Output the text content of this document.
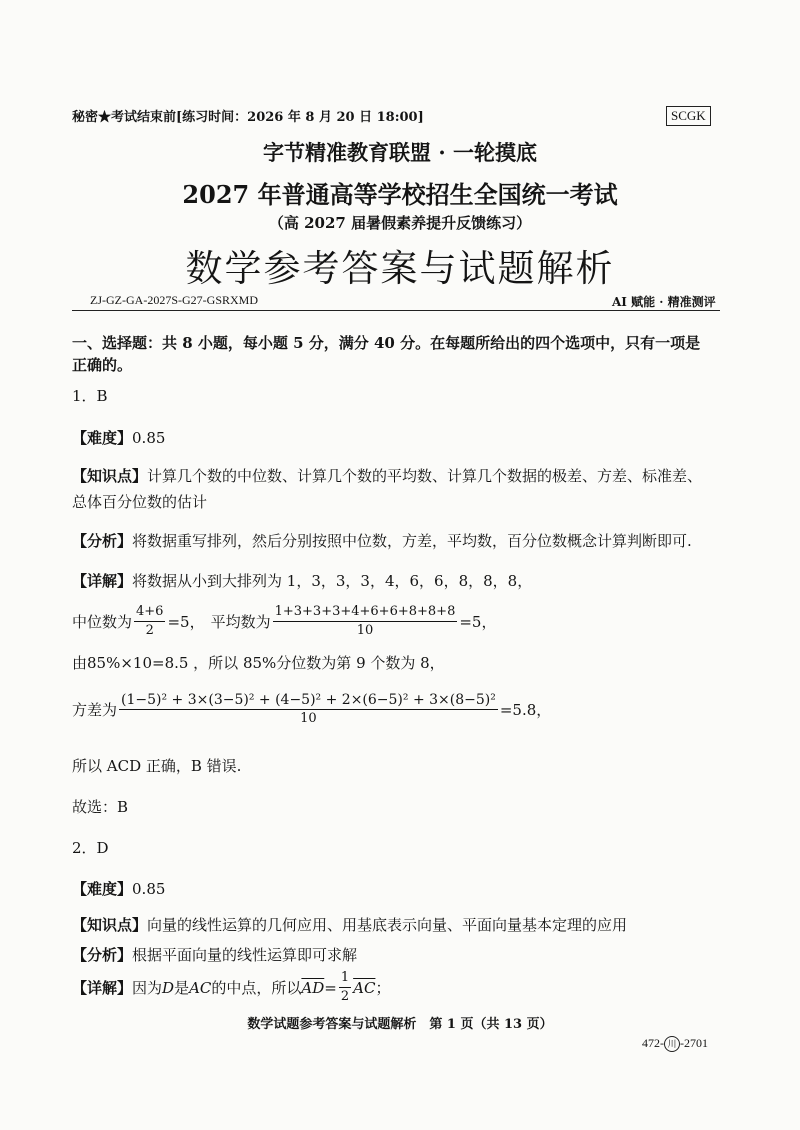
秘密★考试结束前[练习时间：2026 年 8 月 20 日 18:00]	SCGK
字节精准教育联盟 · 一轮摸底
2027 年普通高等学校招生全国统一考试
（高 2027 届暑假素养提升反馈练习）
数学参考答案与试题解析
ZJ-GZ-GA-2027S-G27-GSRXMD	AI 赋能 · 精准测评
一、选择题：共 8 小题，每小题 5 分，满分 40 分。在每题所给出的四个选项中，只有一项是
正确的。
1．B
【难度】0.85
【知识点】计算几个数的中位数、计算几个数的平均数、计算几个数据的极差、方差、标准差、
总体百分位数的估计
【分析】将数据重写排列，然后分别按照中位数，方差，平均数，百分位数概念计算判断即可.
【详解】将数据从小到大排列为 1，3，3，3，4，6，6，8，8，8，
中位数为 $\frac{4+6}{2} =5$， 平均数为 $\frac{1+3+3+3+4+6+6+8+8+8}{10} =5$，
由85%×10=8.5 ，所以 85%分位数为第 9 个数为 8，
方差为 $\frac{\text{(1−5)² + 3×(3−5)² + (4−5)² + 2×(6−5)² + 3×(8−5)²}}{10} =5.8$，
所以 ACD 正确，B 错误.
故选：B
2．D
【难度】0.85
【知识点】向量的线性运算的几何应用、用基底表示向量、平面向量基本定理的应用
【分析】根据平面向量的线性运算即可求解
【详解】 因为 D 是 AC 的中点，所以 $\overline{AD} = \frac{1}{2} \overline{AC}$ ；
数学试题参考答案与试题解析　第 1 页（共 13 页）
472- 川 -2701
